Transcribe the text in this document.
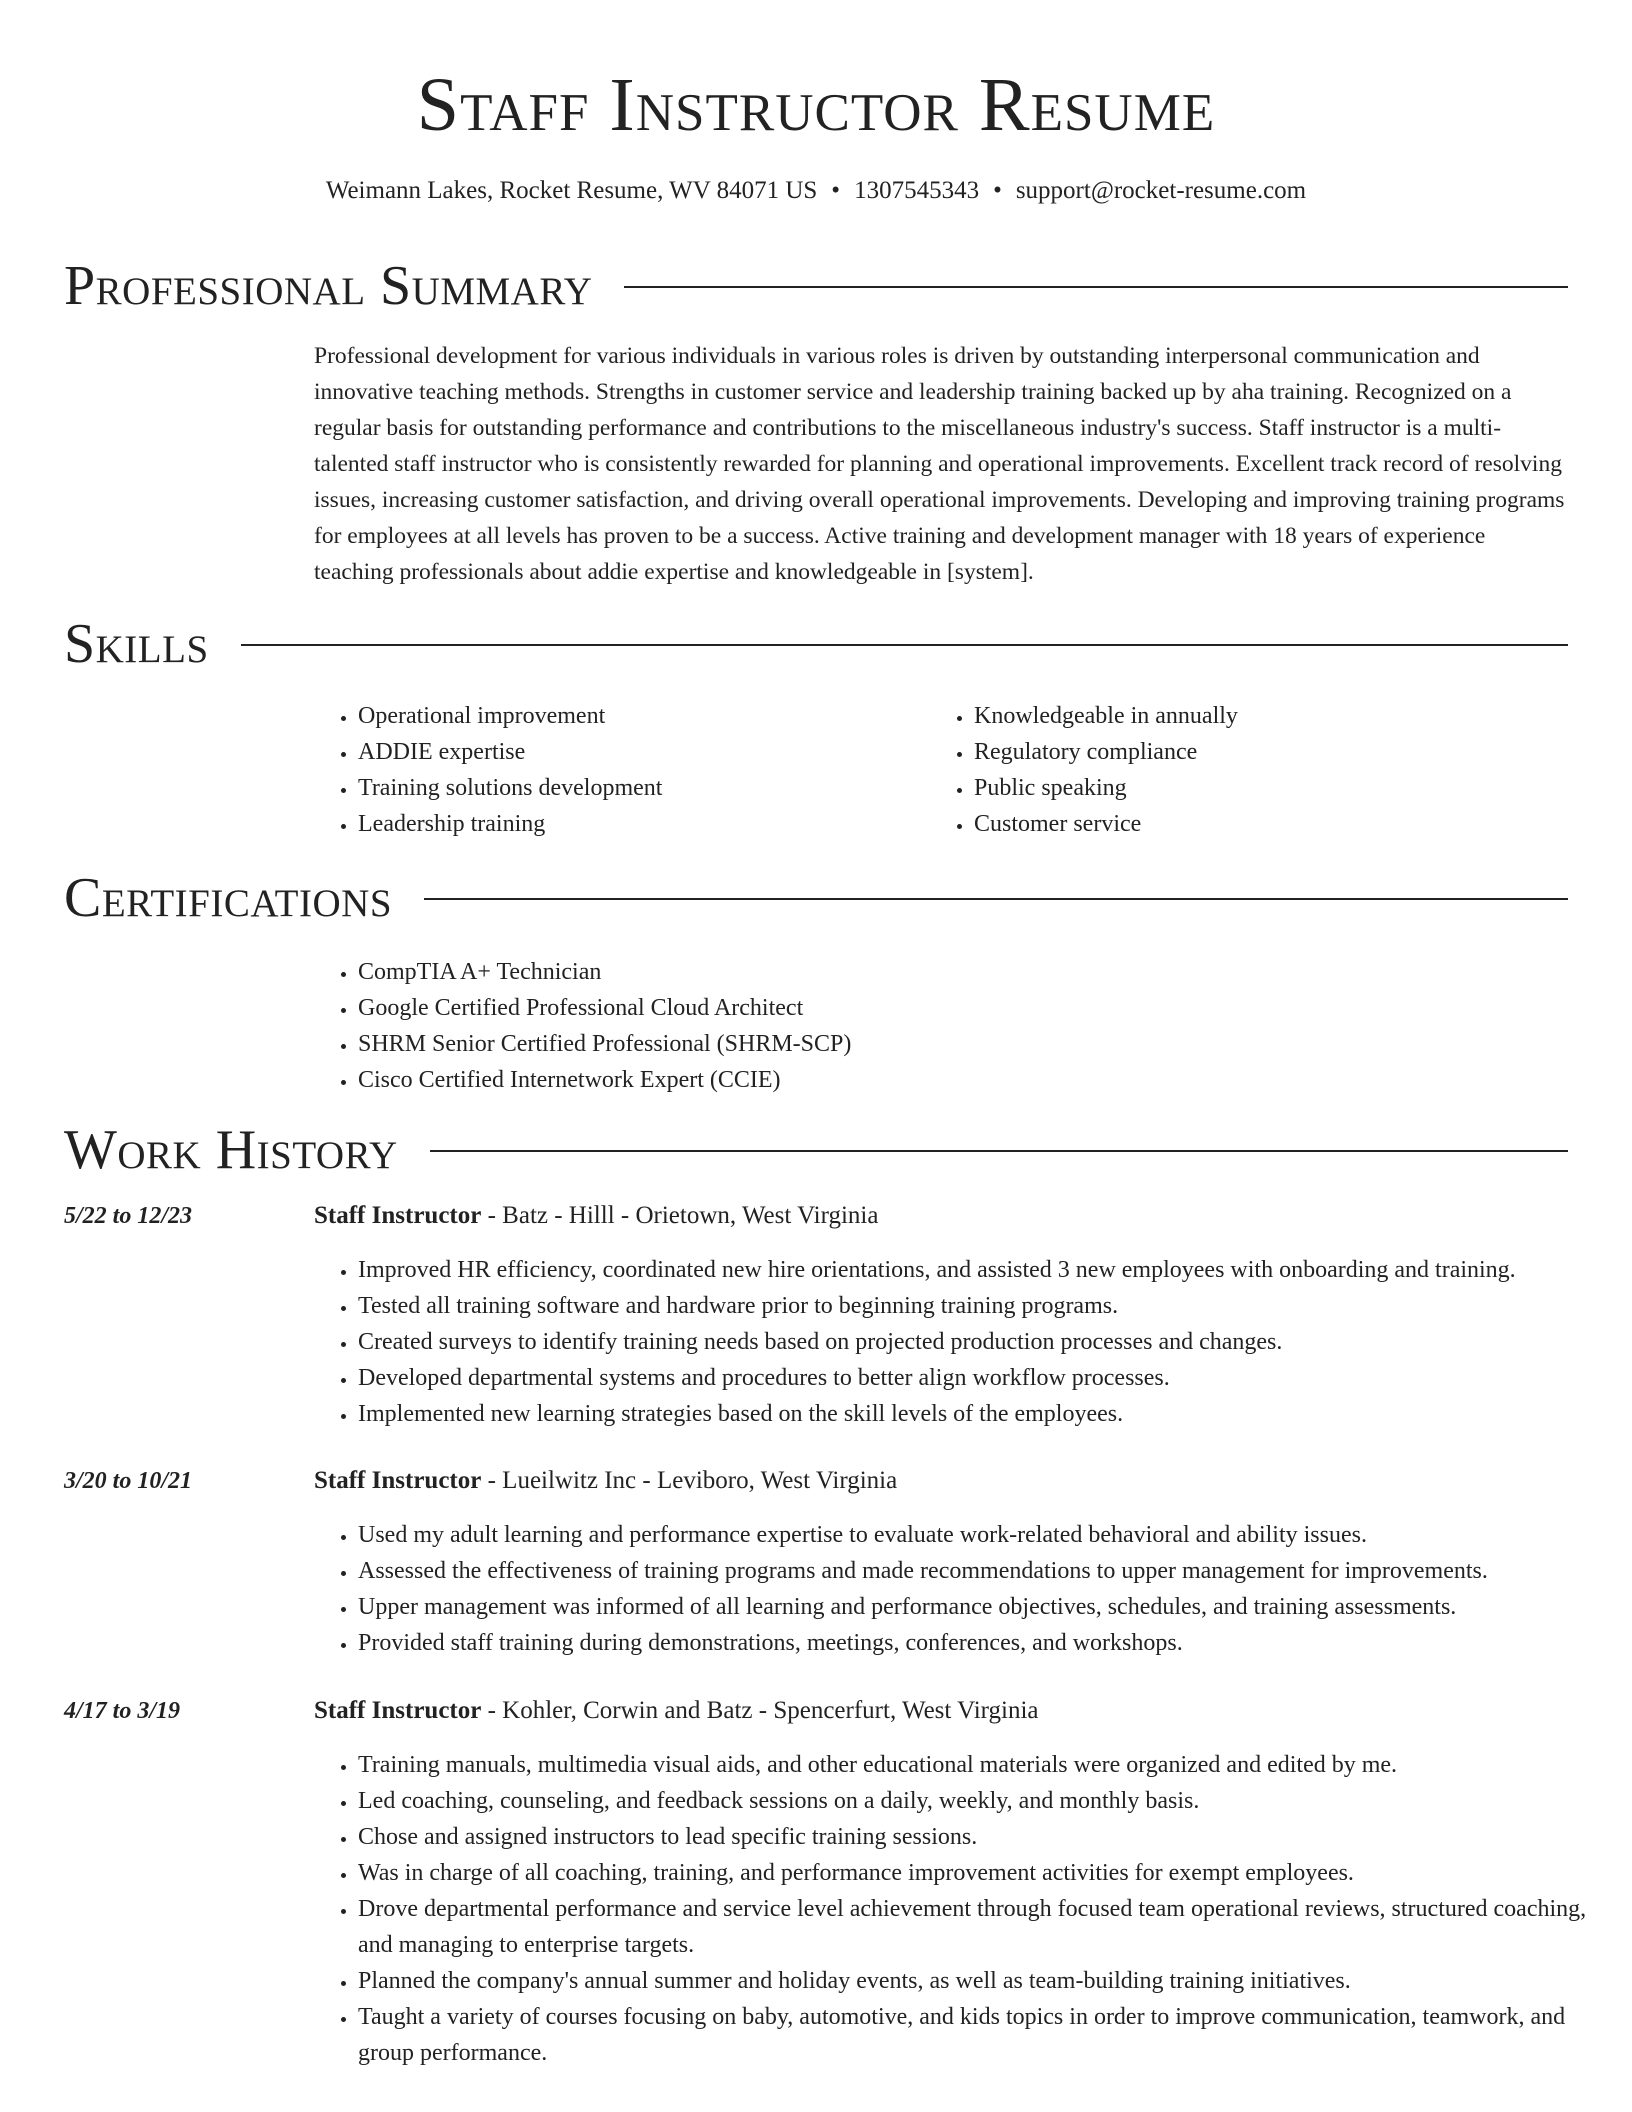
Staff Instructor Resume
Weimann Lakes, Rocket Resume, WV 84071 US • 1307545343 • support@rocket-resume.com
Professional Summary

Professional development for various individuals in various roles is driven by outstanding interpersonal communication and innovative teaching methods. Strengths in customer service and leadership training backed up by aha training. Recognized on a regular basis for outstanding performance and contributions to the miscellaneous industry's success. Staff instructor is a multi-talented staff instructor who is consistently rewarded for planning and operational improvements. Excellent track record of resolving issues, increasing customer satisfaction, and driving overall operational improvements. Developing and improving training programs for employees at all levels has proven to be a success. Active training and development manager with 18 years of experience teaching professionals about addie expertise and knowledgeable in [system].

Skills
• Operational improvement
• ADDIE expertise
• Training solutions development
• Leadership training
• Knowledgeable in annually
• Regulatory compliance
• Public speaking
• Customer service
Certifications
• CompTIA A+ Technician
• Google Certified Professional Cloud Architect
• SHRM Senior Certified Professional (SHRM-SCP)
• Cisco Certified Internetwork Expert (CCIE)
Work History
5/22 to 12/23	Staff Instructor - Batz - Hilll - Orietown, West Virginia
• Improved HR efficiency, coordinated new hire orientations, and assisted 3 new employees with onboarding and training.
• Tested all training software and hardware prior to beginning training programs.
• Created surveys to identify training needs based on projected production processes and changes.
• Developed departmental systems and procedures to better align workflow processes.
• Implemented new learning strategies based on the skill levels of the employees.
3/20 to 10/21	Staff Instructor - Lueilwitz Inc - Leviboro, West Virginia
• Used my adult learning and performance expertise to evaluate work-related behavioral and ability issues.
• Assessed the effectiveness of training programs and made recommendations to upper management for improvements.
• Upper management was informed of all learning and performance objectives, schedules, and training assessments.
• Provided staff training during demonstrations, meetings, conferences, and workshops.
4/17 to 3/19	Staff Instructor - Kohler, Corwin and Batz - Spencerfurt, West Virginia
• Training manuals, multimedia visual aids, and other educational materials were organized and edited by me.
• Led coaching, counseling, and feedback sessions on a daily, weekly, and monthly basis.
• Chose and assigned instructors to lead specific training sessions.
• Was in charge of all coaching, training, and performance improvement activities for exempt employees.
• Drove departmental performance and service level achievement through focused team operational reviews, structured coaching, and managing to enterprise targets.
• Planned the company's annual summer and holiday events, as well as team-building training initiatives.
• Taught a variety of courses focusing on baby, automotive, and kids topics in order to improve communication, teamwork, and group performance.
